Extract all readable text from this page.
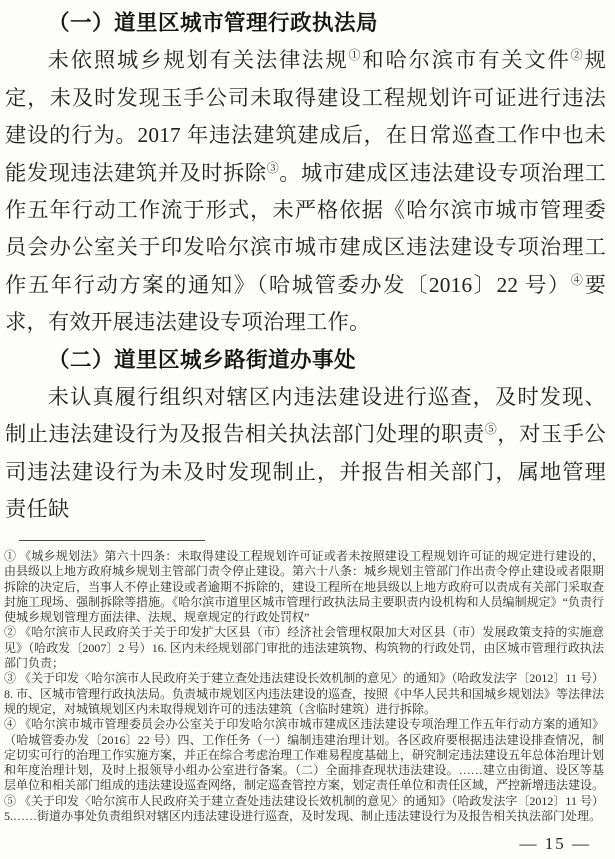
（一）道里区城市管理行政执法局

未依照城乡规划有关法律法规①和哈尔滨市有关文件②规定，未及时发现玉手公司未取得建设工程规划许可证进行违法建设的行为。2017 年违法建筑建成后，在日常巡查工作中也未能发现违法建筑并及时拆除③。城市建成区违法建设专项治理工作五年行动工作流于形式，未严格依据《哈尔滨市城市管理委员会办公室关于印发哈尔滨市城市建成区违法建设专项治理工作五年行动方案的通知》（哈城管委办发〔2016〕22 号）④要求，有效开展违法建设专项治理工作。

（二）道里区城乡路街道办事处

未认真履行组织对辖区内违法建设进行巡查，及时发现、制止违法建设行为及报告相关执法部门处理的职责⑤，对玉手公司违法建设行为未及时发现制止，并报告相关部门，属地管理责任缺

① 《城乡规划法》第六十四条：未取得建设工程规划许可证或者未按照建设工程规划许可证的规定进行建设的，由县级以上地方政府城乡规划主管部门责令停止建设。第六十八条：城乡规划主管部门作出责令停止建设或者限期拆除的决定后，当事人不停止建设或者逾期不拆除的，建设工程所在地县级以上地方政府可以责成有关部门采取查封施工现场、强制拆除等措施。《哈尔滨市道里区城市管理行政执法局主要职责内设机构和人员编制规定》“负责行使城乡规划管理方面法律、法规、规章规定的行政处罚权”

② 《哈尔滨市人民政府关于关于印发扩大区县（市）经济社会管理权限加大对区县（市）发展政策支持的实施意见》（哈政发〔2007〕2 号）16. 区内未经规划部门审批的违法建筑物、构筑物的行政处罚，由区城市管理行政执法部门负责；

③ 《关于印发〈哈尔滨市人民政府关于建立查处违法建设长效机制的意见〉的通知》（哈政发法字〔2012〕11 号）8. 市、区城市管理行政执法局。负责城市规划区内违法建设的巡查，按照《中华人民共和国城乡规划法》等法律法规的规定，对城镇规划区内未取得规划许可的违法建筑（含临时建筑）进行拆除。

④ 《哈尔滨市城市管理委员会办公室关于印发哈尔滨市城市建成区违法建设专项治理工作五年行动方案的通知》（哈城管委办发〔2016〕22 号）四、工作任务（一）编制违建治理计划。各区政府要根据违法建设排查情况，制定切实可行的治理工作实施方案，并正在综合考虑治理工作难易程度基础上，研究制定违法建设五年总体治理计划和年度治理计划，及时上报领导小组办公室进行备案。（二）全面排查现状违法建设。……建立由街道、设区等基层单位和相关部门组成的违法建设巡查网络，制定巡查管控方案，划定责任单位和责任区域，严控新增违法建设。

⑤ 《关于印发〈哈尔滨市人民政府关于建立查处违法建设长效机制的意见〉的通知》（哈政发法字〔2012〕11 号）5.……街道办事处负责组织对辖区内违法建设进行巡查，及时发现、制止违法建设行为及报告相关执法部门处理。

— 15 —
